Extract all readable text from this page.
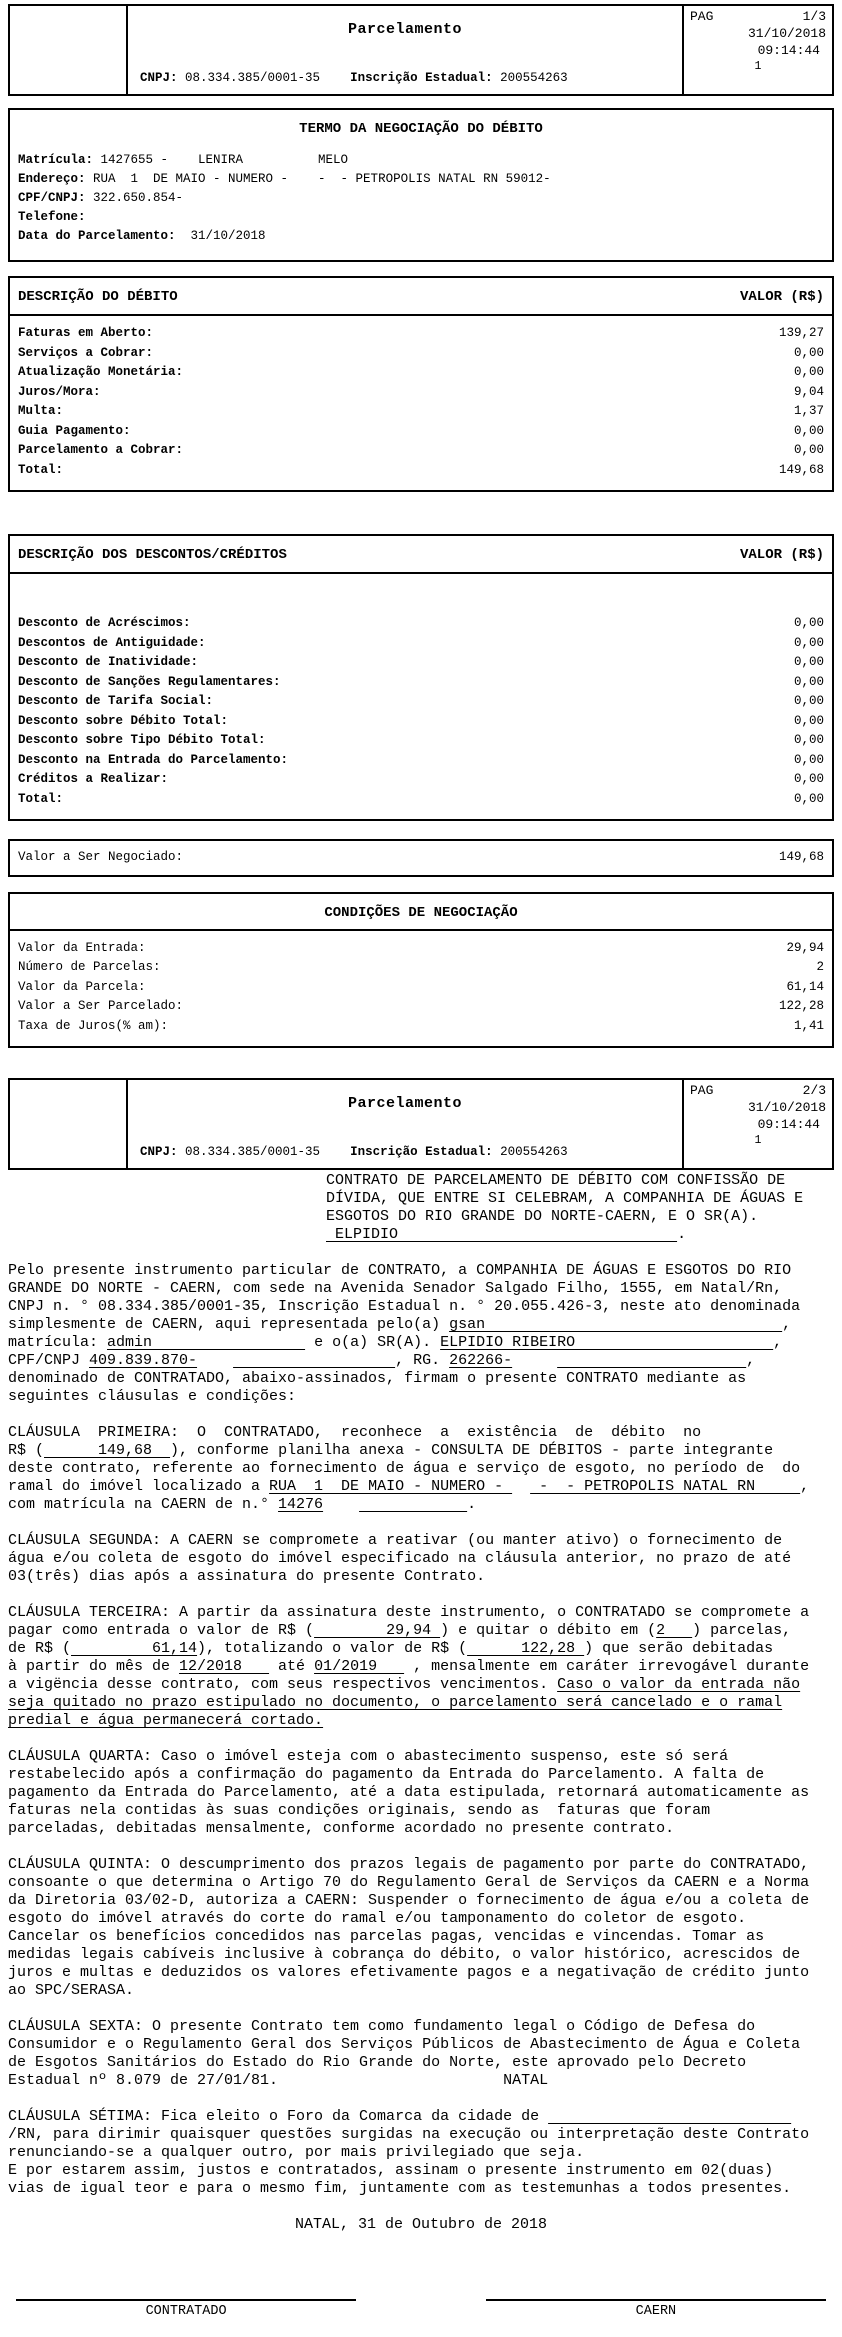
Parcelamento
CNPJ: 08.334.385/0001-35 Inscrição Estadual: 200554263
PAG	1/3
31/10/2018
09:14:44
1
TERMO DA NEGOCIAÇÃO DO DÉBITO
Matrícula: 1427655 -    LENIRA          MELO
Endereço: RUA  1  DE MAIO - NUMERO -    -  - PETROPOLIS NATAL RN 59012-
CPF/CNPJ: 322.650.854-
Telefone:
Data do Parcelamento:  31/10/2018
DESCRIÇÃO DO DÉBITO	VALOR (R$)
Faturas em Aberto:	139,27
Serviços a Cobrar:	0,00
Atualização Monetária:	0,00
Juros/Mora:	9,04
Multa:	1,37
Guia Pagamento:	0,00
Parcelamento a Cobrar:	0,00
Total:	149,68
DESCRIÇÃO DOS DESCONTOS/CRÉDITOS	VALOR (R$)
Desconto de Acréscimos:	0,00
Descontos de Antiguidade:	0,00
Desconto de Inatividade:	0,00
Desconto de Sanções Regulamentares:	0,00
Desconto de Tarifa Social:	0,00
Desconto sobre Débito Total:	0,00
Desconto sobre Tipo Débito Total:	0,00
Desconto na Entrada do Parcelamento:	0,00
Créditos a Realizar:	0,00
Total:	0,00
Valor a Ser Negociado:	149,68
CONDIÇÕES DE NEGOCIAÇÃO
Valor da Entrada:	29,94
Número de Parcelas:	2
Valor da Parcela:	61,14
Valor a Ser Parcelado:	122,28
Taxa de Juros(% am):	1,41
Parcelamento
CNPJ: 08.334.385/0001-35 Inscrição Estadual: 200554263
PAG	2/3
31/10/2018
09:14:44
1
CONTRATO DE PARCELAMENTO DE DÉBITO COM CONFISSÃO DE
DÍVIDA, QUE ENTRE SI CELEBRAM, A COMPANHIA DE ÁGUAS E
ESGOTOS DO RIO GRANDE DO NORTE-CAERN, E O SR(A).
ELPIDIO                               .
Pelo presente instrumento particular de CONTRATO, a COMPANHIA DE ÁGUAS E ESGOTOS DO RIO
GRANDE DO NORTE - CAERN, com sede na Avenida Senador Salgado Filho, 1555, em Natal/Rn,
CNPJ n. ° 08.334.385/0001-35, Inscrição Estadual n. ° 20.055.426-3, neste ato denominada
simplesmente de CAERN, aqui representada pelo(a) gsan                                 ,
matrícula: admin                  e o(a) SR(A). ELPIDIO RIBEIRO                      ,
CPF/CNPJ 409.839.870-	, RG. 262266-	,
denominado de CONTRATADO, abaixo-assinados, firmam o presente CONTRATO mediante as
seguintes cláusulas e condições:
CLÁUSULA  PRIMEIRA:  O  CONTRATADO,  reconhece  a  existência  de  débito  no
R$ (      149,68  ), conforme planilha anexa - CONSULTA DE DÉBITOS - parte integrante
deste contrato, referente ao fornecimento de água e serviço de esgoto, no período de  do
ramal do imóvel localizado a RUA  1  DE MAIO - NUMERO -    -  - PETROPOLIS NATAL RN     ,
com matrícula na CAERN de n.° 14276	.
CLÁUSULA SEGUNDA: A CAERN se compromete a reativar (ou manter ativo) o fornecimento de
água e/ou coleta de esgoto do imóvel especificado na cláusula anterior, no prazo de até
03(três) dias após a assinatura do presente Contrato.
CLÁUSULA TERCEIRA: A partir da assinatura deste instrumento, o CONTRATADO se compromete a
pagar como entrada o valor de R$ (        29,94 ) e quitar o débito em (2   ) parcelas,
de R$ (         61,14), totalizando o valor de R$ (      122,28 ) que serão debitadas
à partir do mês de 12/2018    até 01/2019    , mensalmente em caráter irrevogável durante
a vigëncia desse contrato, com seus respectivos vencimentos. Caso o valor da entrada não
seja quitado no prazo estipulado no documento, o parcelamento será cancelado e o ramal
predial e água permanecerá cortado.
CLÁUSULA QUARTA: Caso o imóvel esteja com o abastecimento suspenso, este só será
restabelecido após a confirmação do pagamento da Entrada do Parcelamento. A falta de
pagamento da Entrada do Parcelamento, até a data estipulada, retornará automaticamente as
faturas nela contidas às suas condições originais, sendo as  faturas que foram
parceladas, debitadas mensalmente, conforme acordado no presente contrato.
CLÁUSULA QUINTA: O descumprimento dos prazos legais de pagamento por parte do CONTRATADO,
consoante o que determina o Artigo 70 do Regulamento Geral de Serviços da CAERN e a Norma
da Diretoria 03/02-D, autoriza a CAERN: Suspender o fornecimento de água e/ou a coleta de
esgoto do imóvel através do corte do ramal e/ou tamponamento do coletor de esgoto.
Cancelar os benefícios concedidos nas parcelas pagas, vencidas e vincendas. Tomar as
medidas legais cabíveis inclusive à cobrança do débito, o valor histórico, acrescidos de
juros e multas e deduzidos os valores efetivamente pagos e a negativação de crédito junto
ao SPC/SERASA.
CLÁUSULA SEXTA: O presente Contrato tem como fundamento legal o Código de Defesa do
Consumidor e o Regulamento Geral dos Serviços Públicos de Abastecimento de Água e Coleta
de Esgotos Sanitários do Estado do Rio Grande do Norte, este aprovado pelo Decreto
Estadual nº 8.079 de 27/01/81.                         NATAL
CLÁUSULA SÉTIMA: Fica eleito o Foro da Comarca da cidade de
/RN, para dirimir quaisquer questões surgidas na execução ou interpretação deste Contrato
renunciando-se a qualquer outro, por mais privilegiado que seja.
E por estarem assim, justos e contratados, assinam o presente instrumento em 02(duas)
vias de igual teor e para o mesmo fim, juntamente com as testemunhas a todos presentes.
NATAL, 31 de Outubro de 2018
CONTRATADO	CAERN
